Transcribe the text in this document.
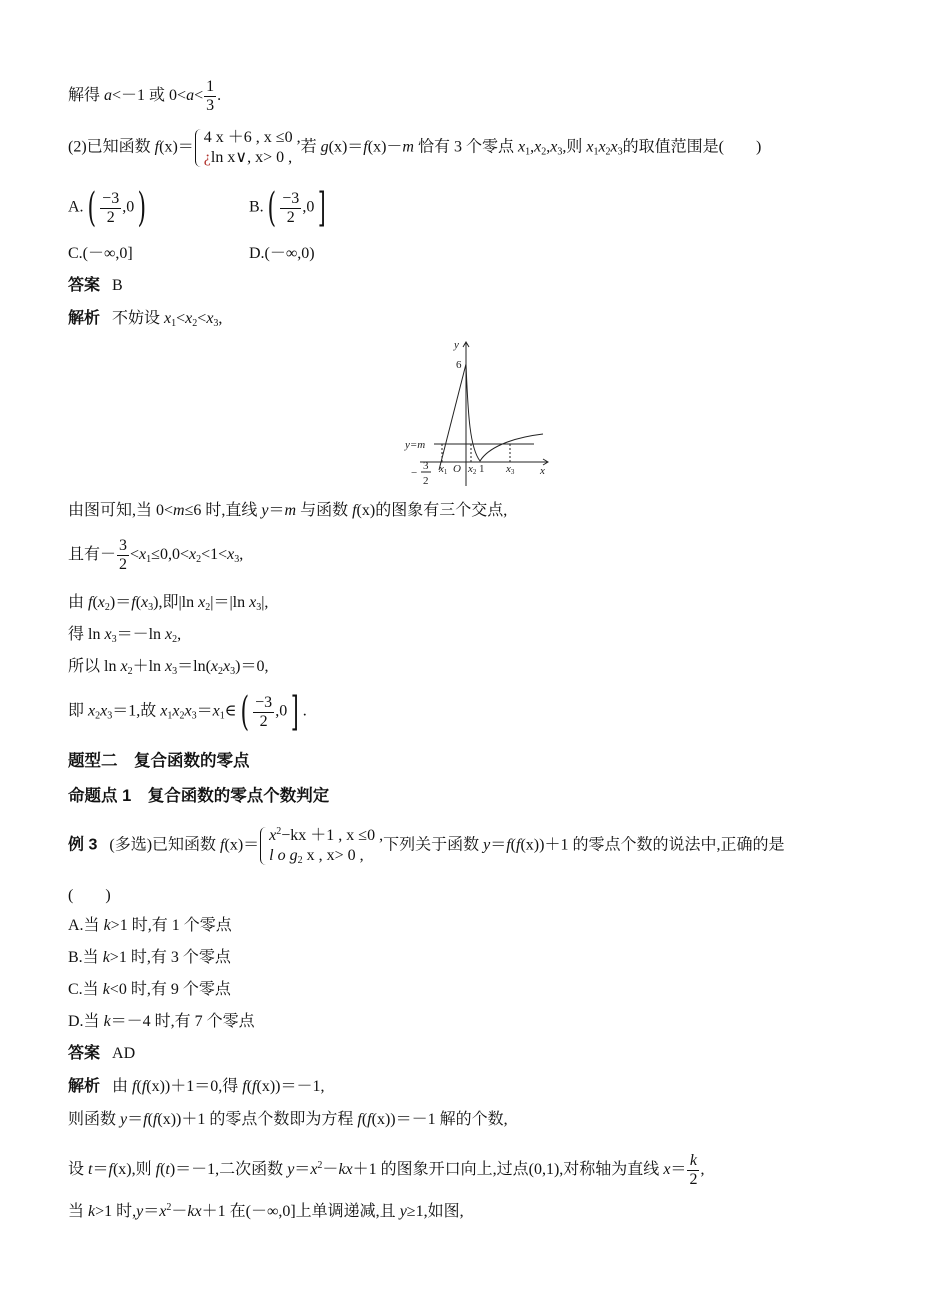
解得 a<－1 或 $0<a< \frac{1}{3}$ .
(2)已知函数 f(x)＝
4 x ＋6 , x ≤0 ,
¿ln x∨, x> 0 ,
若 g(x)＝f(x)－m 恰有 3 个零点 $x_1,x_2,x_3$,则 $x_1x_2x_3$的取值范围是(　　)
$A.( \frac{-3}{2} ,0)$	$B.( \frac{-3}{2} ,0]$
C.(－∞,0]	D.(－∞,0)
答案 B
解析 不妨设 $x_1<x_2<x_3$,
y
6
y=m
−
3
2
x1 O x2 1 x3 x
由图可知,当 0<m≤6 时,直线 y＝m 与函数 f(x)的图象有三个交点,
且有－ $\frac{3}{2} <x_1\le 0,0<x_2<1<x_3$,
由 $f(x_2)=f(x_3)$,即|ln $x_2|=|\ln$ $x_3|$,
得 $\ln x_3=-\ln$ $x_2$,
所以 $\ln x_2+\ln$ $x_3=\ln(x_2x_3)=0$,
即 $x_2x_3=1$,故 $x_1x_2x_3=x_1\in( \frac{-3}{2} ,0]$ .
题型二　复合函数的零点
命题点 1　复合函数的零点个数判定
例 3 (多选)已知函数 f(x)＝
$x^2-kx +1$ , x ≤0 ,
l o $g_2$ x , x> 0 ,
下列关于函数 y＝f(f(x))＋1 的零点个数的说法中,正确的是
(　　)
A.当 k>1 时,有 1 个零点
B.当 k>1 时,有 3 个零点
C.当 k<0 时,有 9 个零点
D.当 k＝－4 时,有 7 个零点
答案 AD
解析 由 f(f(x))＋1＝0,得 f(f(x))＝－1,
则函数 y＝f(f(x))＋1 的零点个数即为方程 f(f(x))＝－1 解的个数,
设 t＝f(x),则 f(t)＝－1,二次函数 $y=x^2-kx+1$ 的图象开口向上,过点(0,1),对称轴为直线 $x= \frac{k}{2}$ ,
当 k>1 时$,y=x^2-kx+1$ 在(－∞,0]上单调递减,且 y≥1,如图,
